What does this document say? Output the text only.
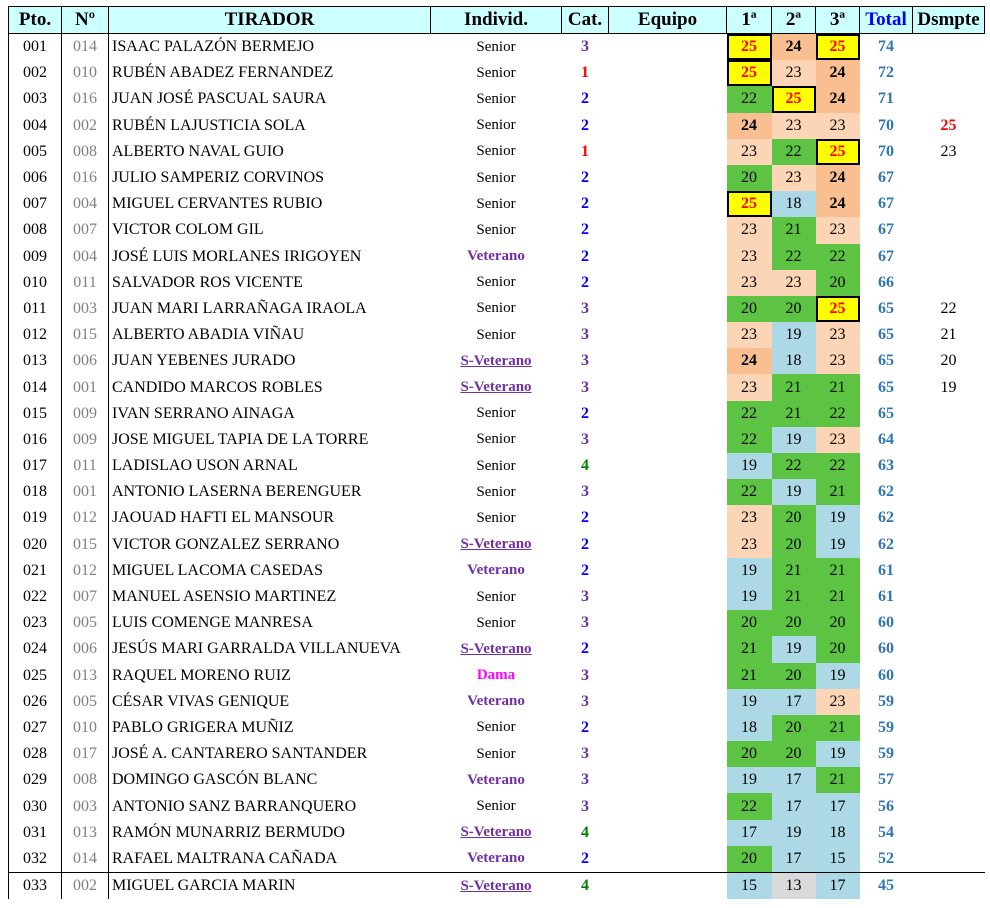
Pto.	Nº	TIRADOR	Individ.	Cat.	Equipo	1ª	2ª	3ª	Total	Dsmpte
001	014	ISAAC PALAZÓN BERMEJO	Senior	3		25	24	25	74	
002	010	RUBÉN ABADEZ FERNANDEZ	Senior	1		25	23	24	72	
003	016	JUAN JOSÉ PASCUAL SAURA	Senior	2		22	25	24	71	
004	002	RUBÉN LAJUSTICIA SOLA	Senior	2		24	23	23	70	25
005	008	ALBERTO NAVAL GUIO	Senior	1		23	22	25	70	23
006	016	JULIO SAMPERIZ CORVINOS	Senior	2		20	23	24	67	
007	004	MIGUEL CERVANTES RUBIO	Senior	2		25	18	24	67	
008	007	VICTOR COLOM GIL	Senior	2		23	21	23	67	
009	004	JOSÉ LUIS MORLANES IRIGOYEN	Veterano	2		23	22	22	67	
010	011	SALVADOR ROS VICENTE	Senior	2		23	23	20	66	
011	003	JUAN MARI LARRAÑAGA IRAOLA	Senior	3		20	20	25	65	22
012	015	ALBERTO ABADIA VIÑAU	Senior	3		23	19	23	65	21
013	006	JUAN YEBENES JURADO	S-Veterano	3		24	18	23	65	20
014	001	CANDIDO MARCOS ROBLES	S-Veterano	3		23	21	21	65	19
015	009	IVAN SERRANO AINAGA	Senior	2		22	21	22	65	
016	009	JOSE MIGUEL TAPIA DE LA TORRE	Senior	3		22	19	23	64	
017	011	LADISLAO USON ARNAL	Senior	4		19	22	22	63	
018	001	ANTONIO LASERNA BERENGUER	Senior	3		22	19	21	62	
019	012	JAOUAD HAFTI EL MANSOUR	Senior	2		23	20	19	62	
020	015	VICTOR GONZALEZ SERRANO	S-Veterano	2		23	20	19	62	
021	012	MIGUEL LACOMA CASEDAS	Veterano	2		19	21	21	61	
022	007	MANUEL ASENSIO MARTINEZ	Senior	3		19	21	21	61	
023	005	LUIS COMENGE MANRESA	Senior	3		20	20	20	60	
024	006	JESÚS MARI GARRALDA VILLANUEVA	S-Veterano	2		21	19	20	60	
025	013	RAQUEL MORENO RUIZ	Dama	3		21	20	19	60	
026	005	CÉSAR VIVAS GENIQUE	Veterano	3		19	17	23	59	
027	010	PABLO GRIGERA MUÑIZ	Senior	2		18	20	21	59	
028	017	JOSÉ A. CANTARERO SANTANDER	Senior	3		20	20	19	59	
029	008	DOMINGO GASCÓN BLANC	Veterano	3		19	17	21	57	
030	003	ANTONIO SANZ BARRANQUERO	Senior	3		22	17	17	56	
031	013	RAMÓN MUNARRIZ BERMUDO	S-Veterano	4		17	19	18	54	
032	014	RAFAEL MALTRANA CAÑADA	Veterano	2		20	17	15	52	
033	002	MIGUEL GARCIA MARIN	S-Veterano	4		15	13	17	45	
